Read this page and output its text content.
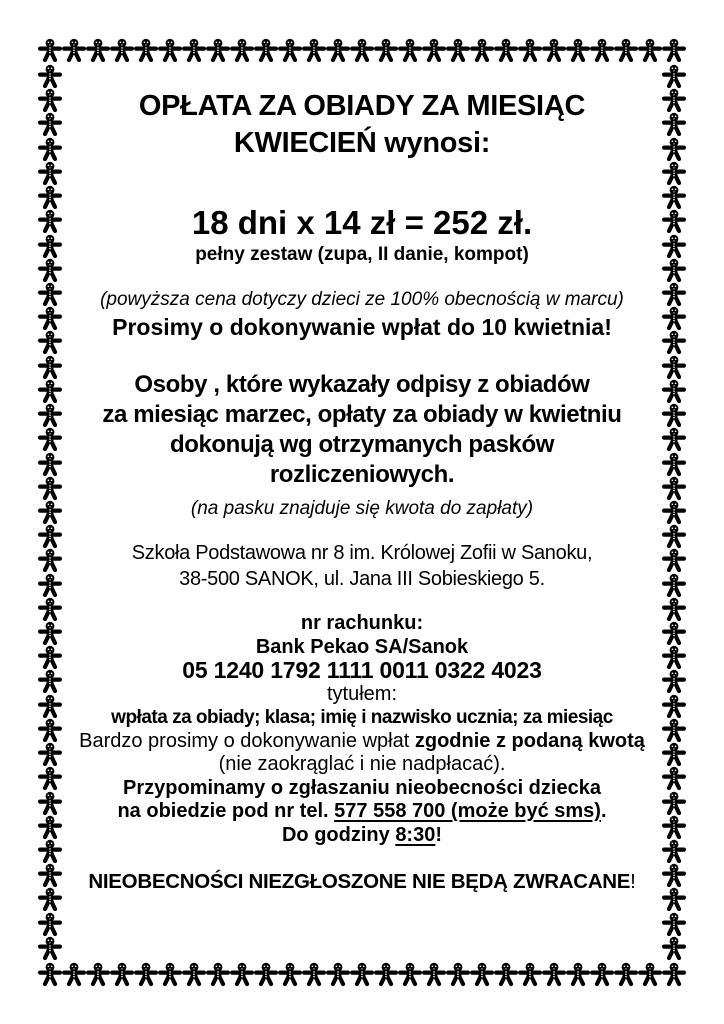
OPŁATA ZA OBIADY ZA MIESIĄC
KWIECIEŃ wynosi:
18 dni x 14 zł = 252 zł.
pełny zestaw (zupa, II danie, kompot)
(powyższa cena dotyczy dzieci ze 100% obecnością w marcu)
Prosimy o dokonywanie wpłat do 10 kwietnia!
Osoby , które wykazały odpisy z obiadów
za miesiąc marzec, opłaty za obiady w kwietniu
dokonują wg otrzymanych pasków
rozliczeniowych.
(na pasku znajduje się kwota do zapłaty)
Szkoła Podstawowa nr 8 im. Królowej Zofii w Sanoku,
38-500 SANOK, ul. Jana III Sobieskiego 5.
nr rachunku:
Bank Pekao SA/Sanok
05 1240 1792 1111 0011 0322 4023
tytułem:
wpłata za obiady; klasa; imię i nazwisko ucznia; za miesiąc
Bardzo prosimy o dokonywanie wpłat zgodnie z podaną kwotą
(nie zaokrąglać i nie nadpłacać).
Przypominamy o zgłaszaniu nieobecności dziecka
na obiedzie pod nr tel. 577 558 700 (może być sms).
Do godziny 8:30!
NIEOBECNOŚCI NIEZGŁOSZONE NIE BĘDĄ ZWRACANE!
